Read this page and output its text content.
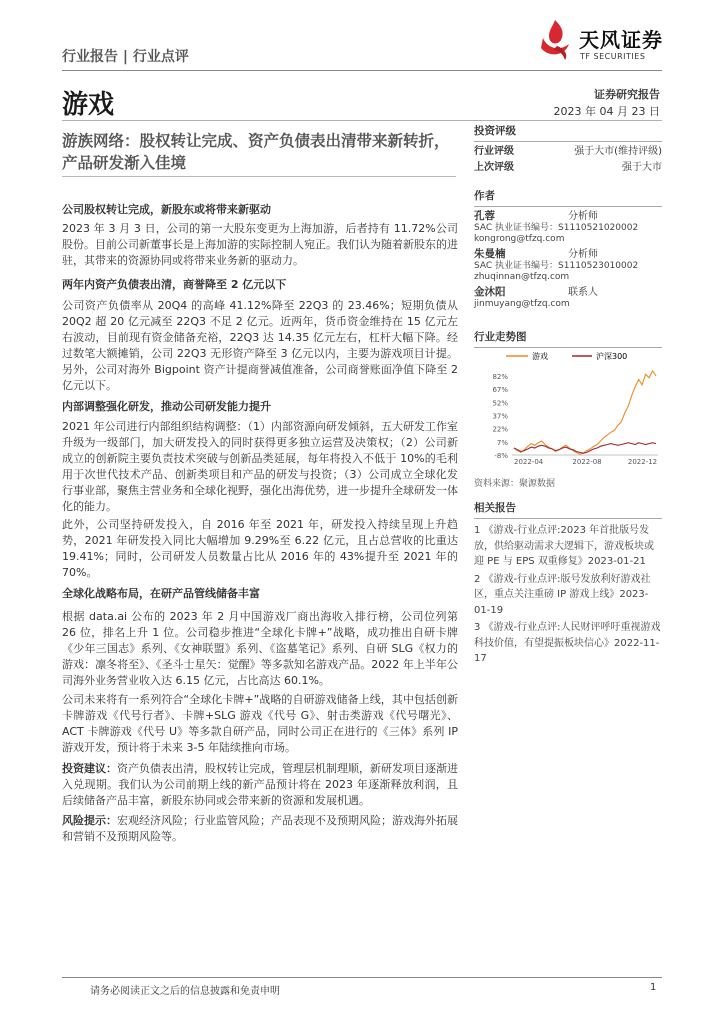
行业报告 | 行业点评
天风证券
TF SECURITIES
游戏	证券研究报告
2023 年 04 月 23 日
游族网络：股权转让完成、资产负债表出清带来新转折，产品研发渐入佳境
公司股权转让完成，新股东或将带来新驱动
2023 年 3 月 3 日，公司的第一大股东变更为上海加游，后者持有 11.72%公司股份。目前公司新董事长是上海加游的实际控制人宛正。我们认为随着新股东的进驻，其带来的资源协同或将带来业务新的驱动力。
两年内资产负债表出清，商誉降至 2 亿元以下
公司资产负债率从 20Q4 的高峰 41.12%降至 22Q3 的 23.46%；短期负债从 20Q2 超 20 亿元减至 22Q3 不足 2 亿元。近两年，货币资金维持在 15 亿元左右波动，目前现有资金储备充裕，22Q3 达 14.35 亿元左右，杠杆大幅下降。经过数笔大额摊销，公司 22Q3 无形资产降至 3 亿元以内，主要为游戏项目计提。另外，公司对海外 Bigpoint 资产计提商誉减值准备，公司商誉账面净值下降至 2 亿元以下。
内部调整强化研发，推动公司研发能力提升
2021 年公司进行内部组织结构调整：（1）内部资源向研发倾斜，五大研发工作室升级为一级部门，加大研发投入的同时获得更多独立运营及决策权；（2）公司新成立的创新院主要负责技术突破与创新品类延展，每年将投入不低于 10%的毛利用于次世代技术产品、创新类项目和产品的研发与投资；（3）公司成立全球化发行事业部，聚焦主营业务和全球化视野，强化出海优势，进一步提升全球研发一体化的能力。
此外，公司坚持研发投入，自 2016 年至 2021 年，研发投入持续呈现上升趋势，2021 年研发投入同比大幅增加 9.29%至 6.22 亿元，且占总营收的比重达 19.41%；同时，公司研发人员数量占比从 2016 年的 43%提升至 2021 年的 70%。
全球化战略布局，在研产品管线储备丰富
根据 data.ai 公布的 2023 年 2 月中国游戏厂商出海收入排行榜，公司位列第 26 位，排名上升 1 位。公司稳步推进“全球化卡牌+”战略，成功推出自研卡牌《少年三国志》系列、《女神联盟》系列、《盗墓笔记》系列、自研 SLG《权力的游戏：凛冬将至》、《圣斗士星矢：觉醒》等多款知名游戏产品。2022 年上半年公司海外业务营业收入达 6.15 亿元，占比高达 60.1%。
公司未来将有一系列符合“全球化卡牌+”战略的自研游戏储备上线，其中包括创新卡牌游戏《代号行者》、卡牌+SLG 游戏《代号 G》、射击类游戏《代号曙光》、ACT 卡牌游戏《代号 U》等多款自研产品，同时公司正在进行的《三体》系列 IP 游戏开发，预计将于未来 3-5 年陆续推向市场。
投资建议：资产负债表出清，股权转让完成，管理层机制理顺，新研发项目逐渐进入兑现期。我们认为公司前期上线的新产品预计将在 2023 年逐渐释放利润，且后续储备产品丰富，新股东协同或会带来新的资源和发展机遇。
风险提示：宏观经济风险；行业监管风险；产品表现不及预期风险；游戏海外拓展和营销不及预期风险等。
投资评级
行业评级	强于大市(维持评级)
上次评级	强于大市
作者
孔蓉	分析师
SAC 执业证书编号：S1110521020002
kongrong@tfzq.com
朱曼楠	分析师
SAC 执业证书编号：S1110523010002
zhuqinnan@tfzq.com
金沐阳	联系人
jinmuyang@tfzq.com
行业走势图
游戏	沪深300
82%
67%
52%
37%
22%
7%
-8%
2022-04	2022-08	2022-12
资料来源：聚源数据
相关报告
1 《游戏-行业点评:2023 年首批版号发放，供给驱动需求大逻辑下，游戏板块或迎 PE 与 EPS 双重修复》2023-01-21
2 《游戏-行业点评:版号发放利好游戏社区，重点关注重磅 IP 游戏上线》2023-01-19
3 《游戏-行业点评:人民财评呼吁重视游戏科技价值，有望提振板块信心》2022-11-17
请务必阅读正文之后的信息披露和免责申明	1
